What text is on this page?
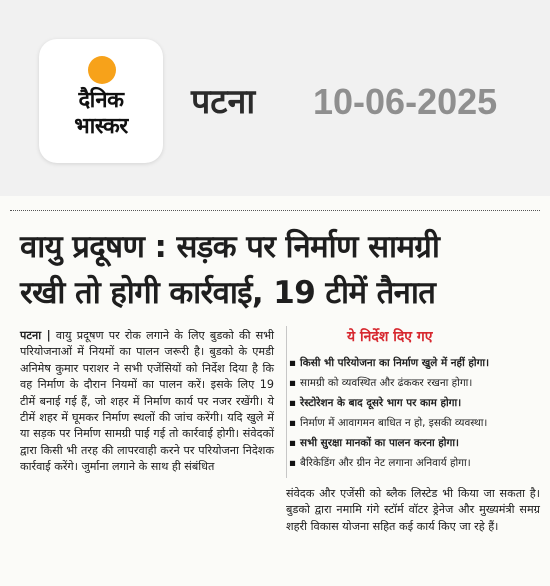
दैनिक
भास्कर
पटना 10-06-2025
वायु प्रदूषण : सड़क पर निर्माण सामग्री
रखी तो होगी कार्रवाई, 19 टीमें तैनात
पटना | वायु प्रदूषण पर रोक लगाने के लिए बुडको की सभी परियोजनाओं में नियमों का पालन जरूरी है। बुडको के एमडी अनिमेष कुमार पराशर ने सभी एजेंसियों को निर्देश दिया है कि वह निर्माण के दौरान नियमों का पालन करें। इसके लिए 19 टीमें बनाई गई हैं, जो शहर में निर्माण कार्य पर नजर रखेंगी। ये टीमें शहर में घूमकर निर्माण स्थलों की जांच करेंगी। यदि खुले में या सड़क पर निर्माण सामग्री पाई गई तो कार्रवाई होगी। संवेदकों द्वारा किसी भी तरह की लापरवाही करने पर परियोजना निदेशक कार्रवाई करेंगे। जुर्माना लगाने के साथ ही संबंधित
ये निर्देश दिए गए
▪ किसी भी परियोजना का निर्माण खुले में नहीं होगा।
▪ सामग्री को व्यवस्थित और ढंककर रखना होगा।
▪ रेस्टोरेशन के बाद दूसरे भाग पर काम होगा।
▪ निर्माण में आवागमन बाधित न हो, इसकी व्यवस्था।
▪ सभी सुरक्षा मानकों का पालन करना होगा।
▪ बैरिकेडिंग और ग्रीन नेट लगाना अनिवार्य होगा।
संवेदक और एजेंसी को ब्लैक लिस्टेड भी किया जा सकता है। बुडको द्वारा नमामि गंगे स्टॉर्म वॉटर ड्रेनेज और मुख्यमंत्री समग्र शहरी विकास योजना सहित कई कार्य किए जा रहे हैं।
